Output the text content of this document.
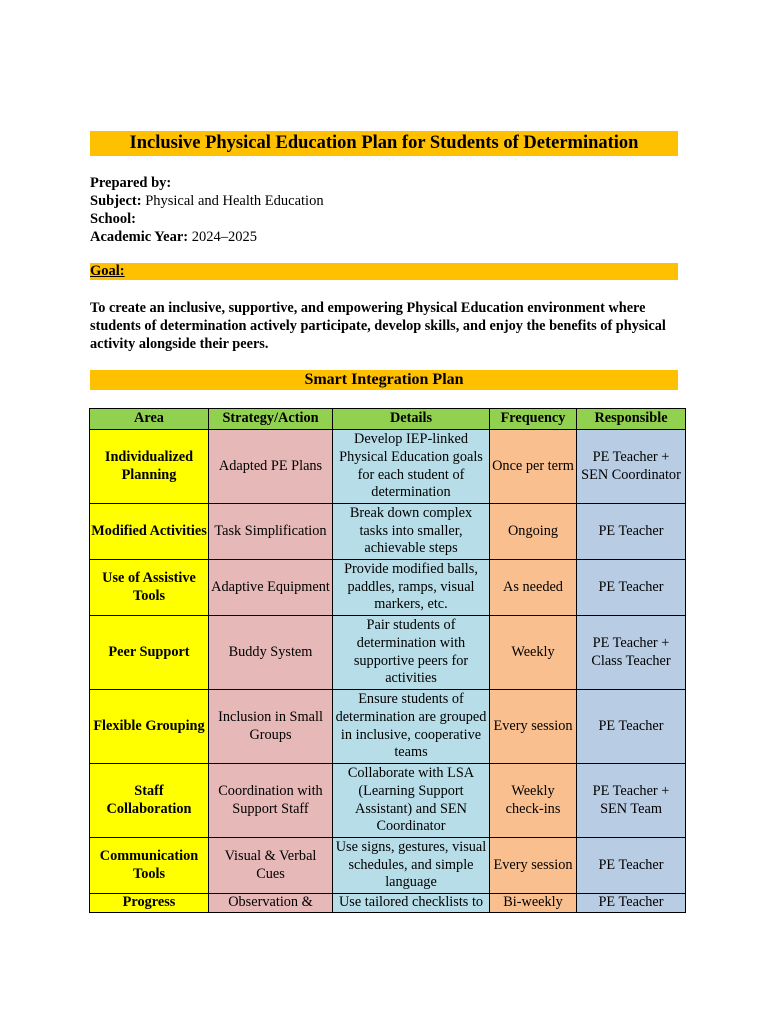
Inclusive Physical Education Plan for Students of Determination
Prepared by:
Subject: Physical and Health Education
School:
Academic Year: 2024–2025
Goal:
To create an inclusive, supportive, and empowering Physical Education environment where students of determination actively participate, develop skills, and enjoy the benefits of physical activity alongside their peers.
Smart Integration Plan
Area	Strategy/Action	Details	Frequency	Responsible
Individualized Planning	Adapted PE Plans	Develop IEP-linked Physical Education goals for each student of determination	Once per term	PE Teacher + SEN Coordinator
Modified Activities	Task Simplification	Break down complex tasks into smaller, achievable steps	Ongoing	PE Teacher
Use of Assistive Tools	Adaptive Equipment	Provide modified balls, paddles, ramps, visual markers, etc.	As needed	PE Teacher
Peer Support	Buddy System	Pair students of determination with supportive peers for activities	Weekly	PE Teacher + Class Teacher
Flexible Grouping	Inclusion in Small Groups	Ensure students of determination are grouped in inclusive, cooperative teams	Every session	PE Teacher
Staff Collaboration	Coordination with Support Staff	Collaborate with LSA (Learning Support Assistant) and SEN Coordinator	Weekly check-ins	PE Teacher + SEN Team
Communication Tools	Visual & Verbal Cues	Use signs, gestures, visual schedules, and simple language	Every session	PE Teacher
Progress	Observation &	Use tailored checklists to	Bi-weekly	PE Teacher
